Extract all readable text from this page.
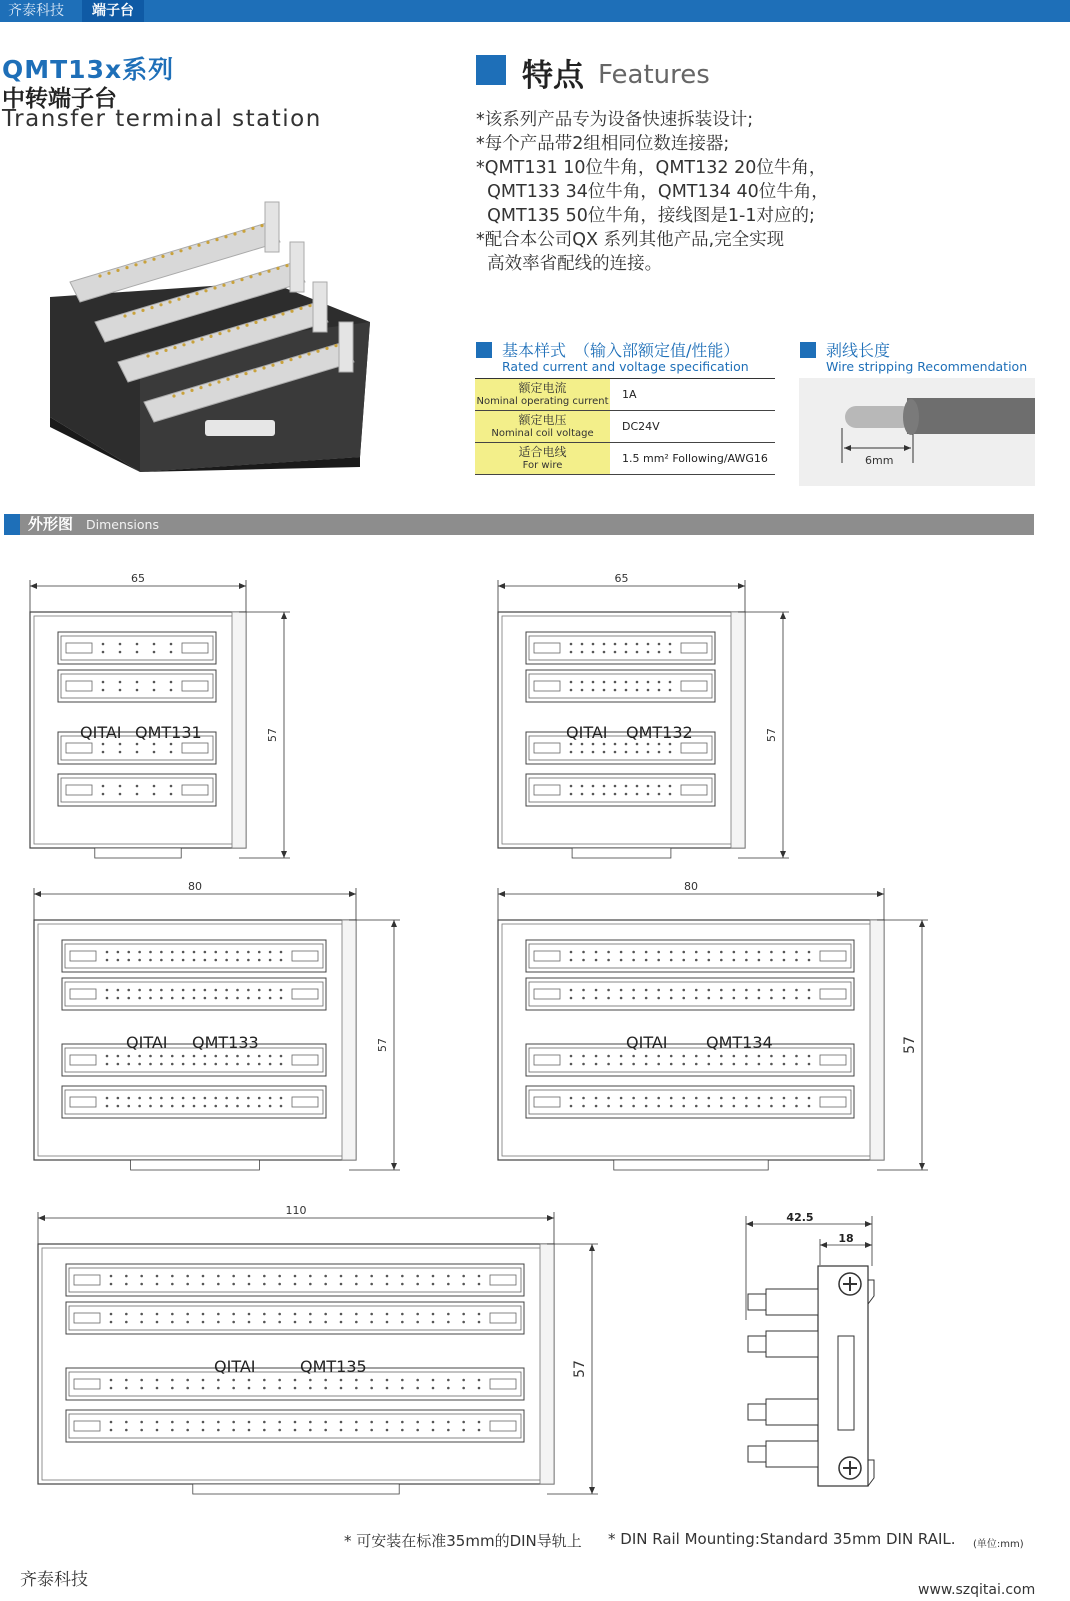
齐泰科技	端子台
QMT13x系列
中转端子台
Transfer terminal station
特点 Features
*该系列产品专为设备快速拆装设计;
*每个产品带2组相同位数连接器;
*QMT131 10位牛角，QMT132 20位牛角，
QMT133 34位牛角，QMT134 40位牛角，
QMT135 50位牛角，接线图是1-1对应的;
*配合本公司QX 系列其他产品,完全实现
高效率省配线的连接。
基本样式　（输入部额定值/性能）
Rated current and voltage specification
额定电流
Nominal operating current	1A

额定电压
Nominal coil voltage	DC24V

适合电线
For wire	1.5 mm² Following/AWG16
剥线长度
Wire stripping Recommendation
6mm
外形图 Dimensions
65
QITAI QMT131	57
65
QITAI QMT132	57
80
QITAI QMT133	57
80
QITAI QMT134	57
110
QITAI	QMT135	57
42.5
18
* 可安装在标准35mm的DIN导轨上 * DIN Rail Mounting:Standard 35mm DIN RAIL. (单位:mm)
齐泰科技	www.szqitai.com
